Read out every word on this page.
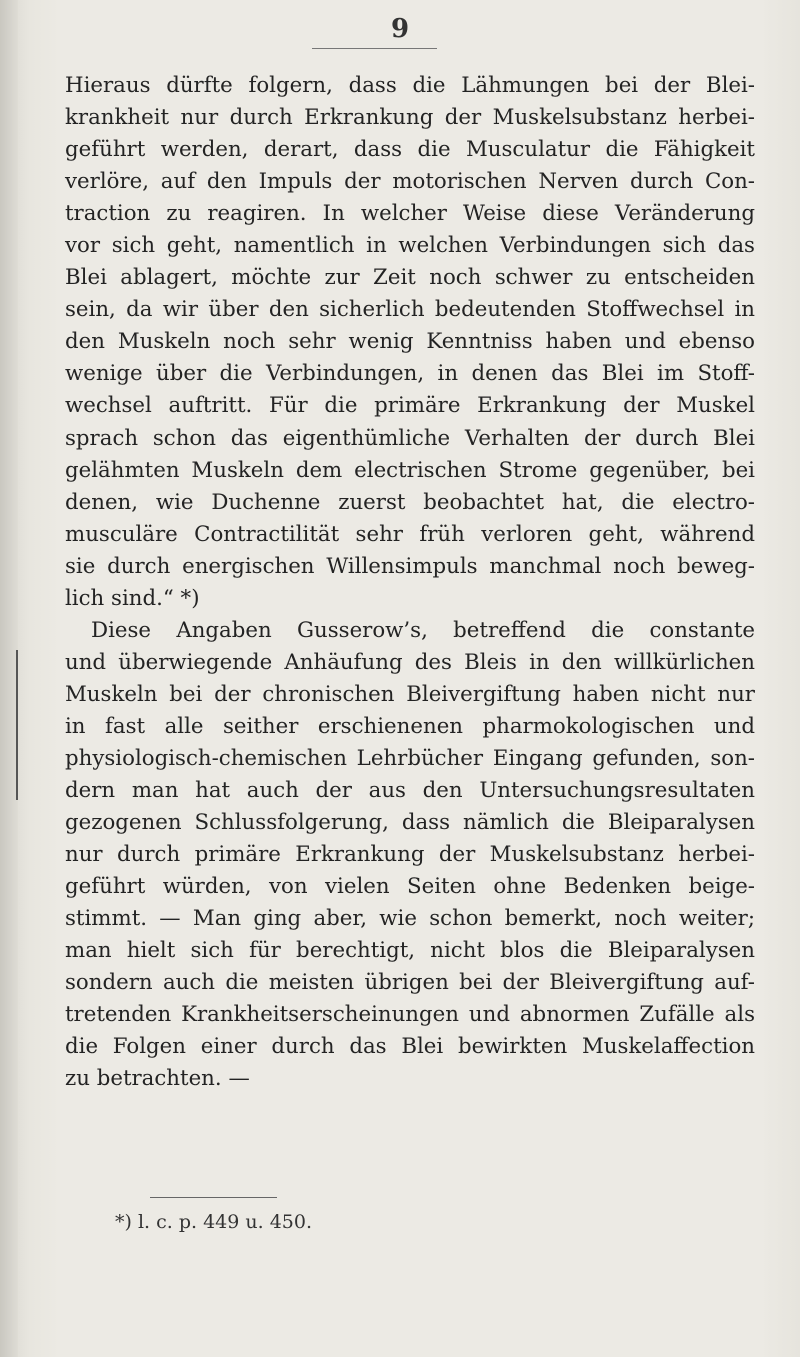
9
Hieraus dürfte folgern, dass die Lähmungen bei der Blei-
krankheit nur durch Erkrankung der Muskelsubstanz herbei-
geführt werden, derart, dass die Musculatur die Fähigkeit
verlöre, auf den Impuls der motorischen Nerven durch Con-
traction zu reagiren. In welcher Weise diese Veränderung
vor sich geht, namentlich in welchen Verbindungen sich das
Blei ablagert, möchte zur Zeit noch schwer zu entscheiden
sein, da wir über den sicherlich bedeutenden Stoffwechsel in
den Muskeln noch sehr wenig Kenntniss haben und ebenso
wenige über die Verbindungen, in denen das Blei im Stoff-
wechsel auftritt. Für die primäre Erkrankung der Muskel
sprach schon das eigenthümliche Verhalten der durch Blei
gelähmten Muskeln dem electrischen Strome gegenüber, bei
denen, wie Duchenne zuerst beobachtet hat, die electro-
musculäre Contractilität sehr früh verloren geht, während
sie durch energischen Willensimpuls manchmal noch beweg-
lich sind.“ *)
Diese Angaben Gusserow’s, betreffend die constante
und überwiegende Anhäufung des Bleis in den willkürlichen
Muskeln bei der chronischen Bleivergiftung haben nicht nur
in fast alle seither erschienenen pharmokologischen und
physiologisch-chemischen Lehrbücher Eingang gefunden, son-
dern man hat auch der aus den Untersuchungsresultaten
gezogenen Schlussfolgerung, dass nämlich die Bleiparalysen
nur durch primäre Erkrankung der Muskelsubstanz herbei-
geführt würden, von vielen Seiten ohne Bedenken beige-
stimmt. — Man ging aber, wie schon bemerkt, noch weiter;
man hielt sich für berechtigt, nicht blos die Bleiparalysen
sondern auch die meisten übrigen bei der Bleivergiftung auf-
tretenden Krankheitserscheinungen und abnormen Zufälle als
die Folgen einer durch das Blei bewirkten Muskelaffection
zu betrachten. —

*) l. c. p. 449 u. 450.
